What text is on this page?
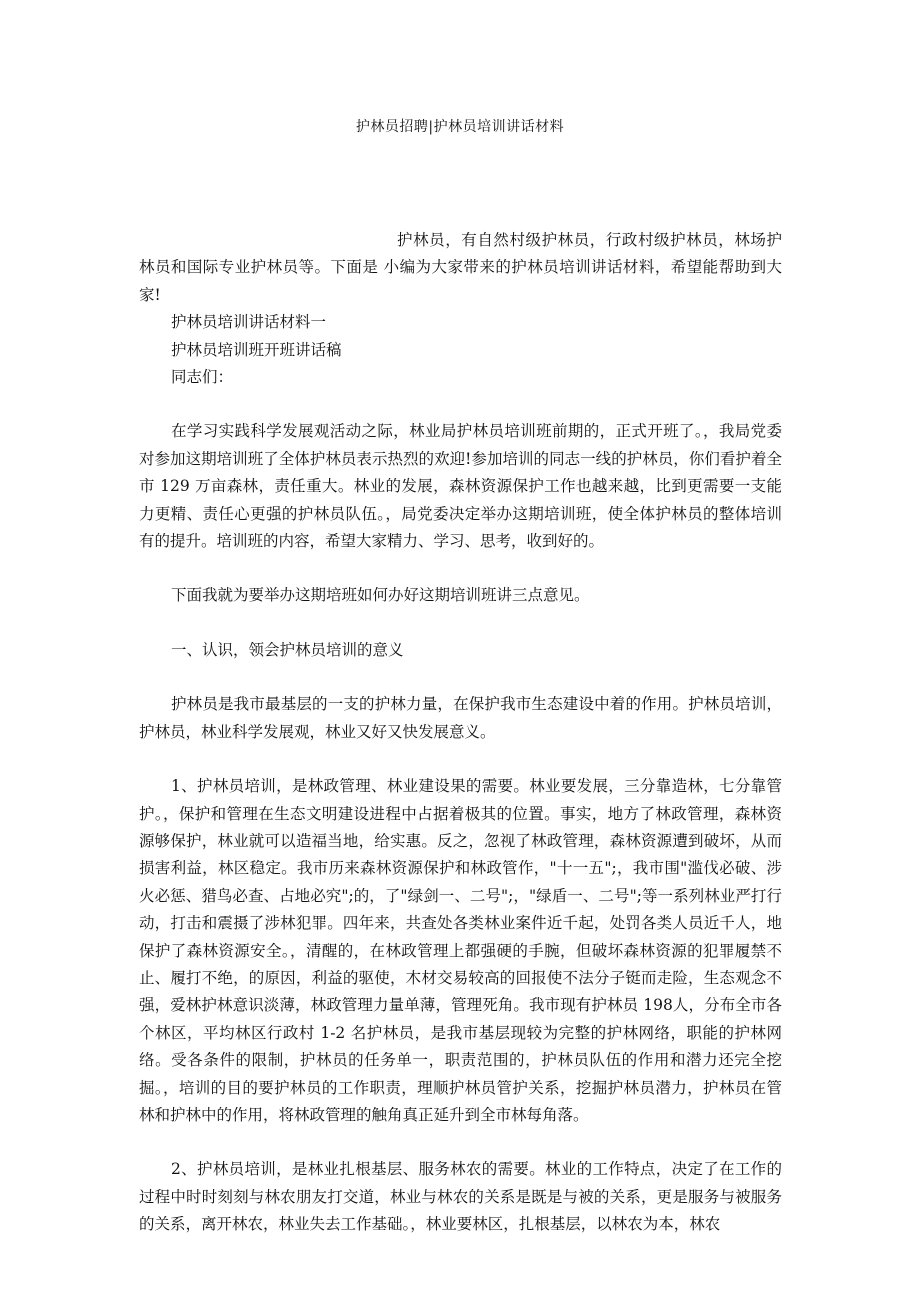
护林员招聘|护林员培训讲话材料

护林员，有自然村级护林员，行政村级护林员，林场护林员和国际专业护林员等。下面是 小编为大家带来的护林员培训讲话材料，希望能帮助到大家!

护林员培训讲话材料一

护林员培训班开班讲话稿

同志们：

在学习实践科学发展观活动之际，林业局护林员培训班前期的，正式开班了。，我局党委对参加这期培训班了全体护林员表示热烈的欢迎!参加培训的同志一线的护林员，你们看护着全市 129 万亩森林，责任重大。林业的发展，森林资源保护工作也越来越，比到更需要一支能力更精、责任心更强的护林员队伍。，局党委决定举办这期培训班，使全体护林员的整体培训有的提升。培训班的内容，希望大家精力、学习、思考，收到好的。

下面我就为要举办这期培班如何办好这期培训班讲三点意见。

一、认识，领会护林员培训的意义

护林员是我市最基层的一支的护林力量，在保护我市生态建设中着的作用。护林员培训，护林员，林业科学发展观，林业又好又快发展意义。

1、护林员培训，是林政管理、林业建设果的需要。林业要发展，三分靠造林，七分靠管护。，保护和管理在生态文明建设进程中占据着极其的位置。事实，地方了林政管理，森林资源够保护，林业就可以造福当地，给实惠。反之，忽视了林政管理，森林资源遭到破坏，从而损害利益，林区稳定。我市历来森林资源保护和林政管作，"十一五";，我市围"滥伐必破、涉火必惩、猎鸟必查、占地必究";的，了"绿剑一、二号";，"绿盾一、二号";等一系列林业严打行动，打击和震摄了涉林犯罪。四年来，共查处各类林业案件近千起，处罚各类人员近千人，地保护了森林资源安全。，清醒的，在林政管理上都强硬的手腕，但破坏森林资源的犯罪履禁不止、履打不绝，的原因，利益的驱使，木材交易较高的回报使不法分子铤而走险，生态观念不强，爱林护林意识淡薄，林政管理力量单薄，管理死角。我市现有护林员 198人，分布全市各个林区，平均林区行政村 1-2 名护林员，是我市基层现较为完整的护林网络，职能的护林网络。受各条件的限制，护林员的任务单一，职责范围的，护林员队伍的作用和潜力还完全挖掘。，培训的目的要护林员的工作职责，理顺护林员管护关系，挖掘护林员潜力，护林员在管林和护林中的作用，将林政管理的触角真正延升到全市林每角落。

2、护林员培训，是林业扎根基层、服务林农的需要。林业的工作特点，决定了在工作的过程中时时刻刻与林农朋友打交道，林业与林农的关系是既是与被的关系，更是服务与被服务的关系，离开林农，林业失去工作基础。，林业要林区，扎根基层，以林农为本，林农
